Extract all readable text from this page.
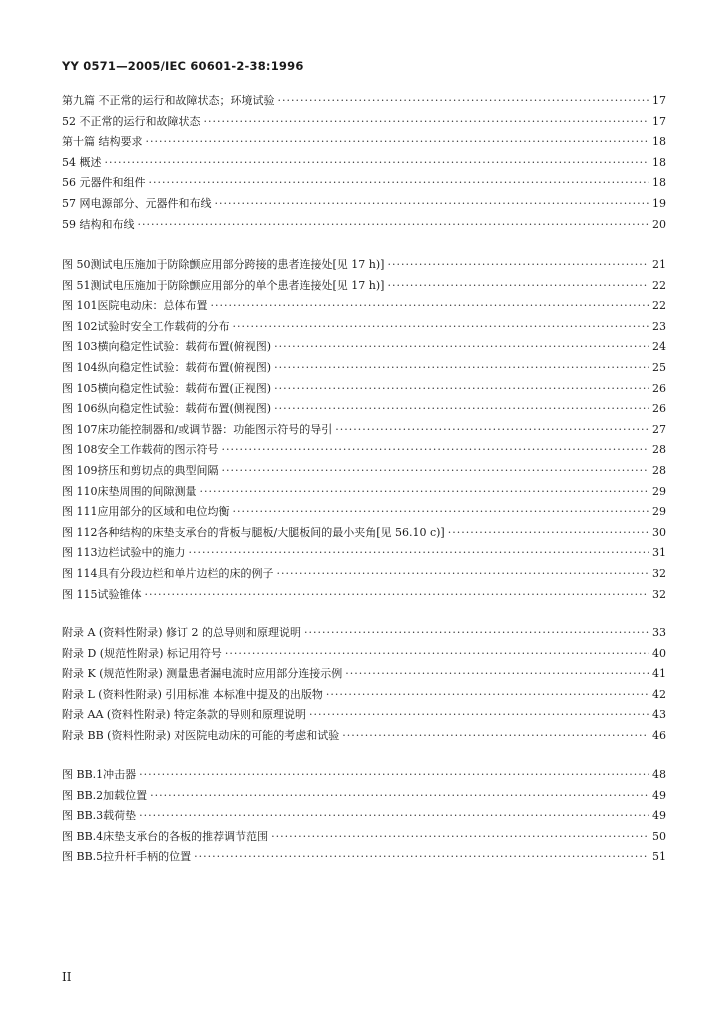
YY 0571—2005/IEC 60601-2-38:1996
第九篇 不正常的运行和故障状态；环境试验 ·····	17
52 不正常的运行和故障状态 ·····	17
第十篇 结构要求 ·····	18
54 概述 ·····	18
56 元器件和组件 ·····	18
57 网电源部分、元器件和布线 ·····	19
59 结构和布线 ·····	20
图 50 测试电压施加于防除颤应用部分跨接的患者连接处[见 17 h)] ·····	21
图 51 测试电压施加于防除颤应用部分的单个患者连接处[见 17 h)] ·····	22
图 101 医院电动床：总体布置 ·····	22
图 102 试验时安全工作载荷的分布 ·····	23
图 103 横向稳定性试验：载荷布置(俯视图) ·····	24
图 104 纵向稳定性试验：载荷布置(俯视图) ·····	25
图 105 横向稳定性试验：载荷布置(正视图) ·····	26
图 106 纵向稳定性试验：载荷布置(侧视图) ·····	26
图 107 床功能控制器和/或调节器：功能图示符号的导引 ·····	27
图 108 安全工作载荷的图示符号 ·····	28
图 109 挤压和剪切点的典型间隔 ·····	28
图 110 床垫周围的间隙测量 ·····	29
图 111 应用部分的区域和电位均衡 ·····	29
图 112 各种结构的床垫支承台的背板与腿板/大腿板间的最小夹角[见 56.10 c)] ·····	30
图 113 边栏试验中的施力 ·····	31
图 114 具有分段边栏和单片边栏的床的例子 ·····	32
图 115 试验锥体 ·····	32
附录 A (资料性附录) 修订 2 的总导则和原理说明 ·····	33
附录 D (规范性附录) 标记用符号 ·····	40
附录 K (规范性附录) 测量患者漏电流时应用部分连接示例 ·····	41
附录 L (资料性附录) 引用标准 本标准中提及的出版物 ·····	42
附录 AA (资料性附录) 特定条款的导则和原理说明 ·····	43
附录 BB (资料性附录) 对医院电动床的可能的考虑和试验 ·····	46
图 BB.1 冲击器 ·····	48
图 BB.2 加载位置 ·····	49
图 BB.3 载荷垫 ·····	49
图 BB.4 床垫支承台的各板的推荐调节范围 ·····	50
图 BB.5 拉升杆手柄的位置 ·····	51
II
